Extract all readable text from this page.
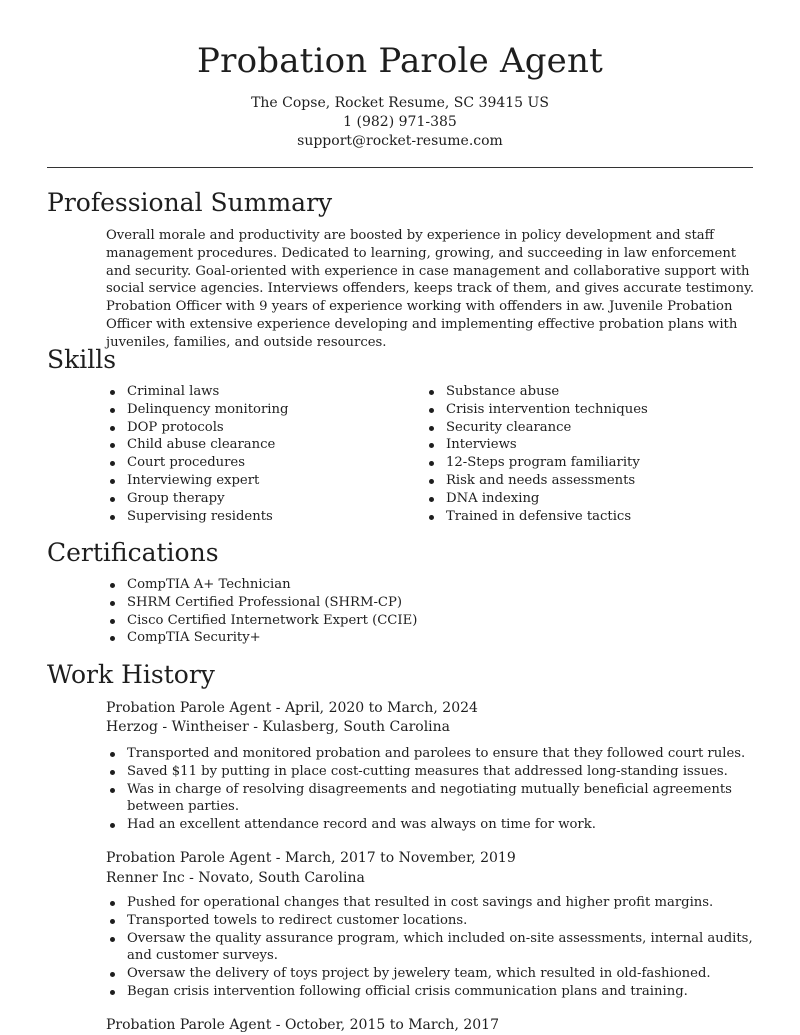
Probation Parole Agent

The Copse, Rocket Resume, SC 39415 US

1 (982) 971-385

support@rocket-resume.com

Professional Summary

Overall morale and productivity are boosted by experience in policy development and staff management procedures. Dedicated to learning, growing, and succeeding in law enforcement and security. Goal-oriented with experience in case management and collaborative support with social service agencies. Interviews offenders, keeps track of them, and gives accurate testimony. Probation Officer with 9 years of experience working with offenders in aw. Juvenile Probation Officer with extensive experience developing and implementing effective probation plans with juveniles, families, and outside resources.

Skills
Criminal laws
Delinquency monitoring
DOP protocols
Child abuse clearance
Court procedures
Interviewing expert
Group therapy
Supervising residents
Substance abuse
Crisis intervention techniques
Security clearance
Interviews
12-Steps program familiarity
Risk and needs assessments
DNA indexing
Trained in defensive tactics
Certifications
CompTIA A+ Technician
SHRM Certified Professional (SHRM-CP)
Cisco Certified Internetwork Expert (CCIE)
CompTIA Security+
Work History

Probation Parole Agent - April, 2020 to March, 2024

Herzog - Wintheiser - Kulasberg, South Carolina

Transported and monitored probation and parolees to ensure that they followed court rules.
Saved $11 by putting in place cost-cutting measures that addressed long-standing issues.
Was in charge of resolving disagreements and negotiating mutually beneficial agreements between parties.
Had an excellent attendance record and was always on time for work.

Probation Parole Agent - March, 2017 to November, 2019

Renner Inc - Novato, South Carolina

Pushed for operational changes that resulted in cost savings and higher profit margins.
Transported towels to redirect customer locations.
Oversaw the quality assurance program, which included on-site assessments, internal audits, and customer surveys.
Oversaw the delivery of toys project by jewelery team, which resulted in old-fashioned.
Began crisis intervention following official crisis communication plans and training.

Probation Parole Agent - October, 2015 to March, 2017
